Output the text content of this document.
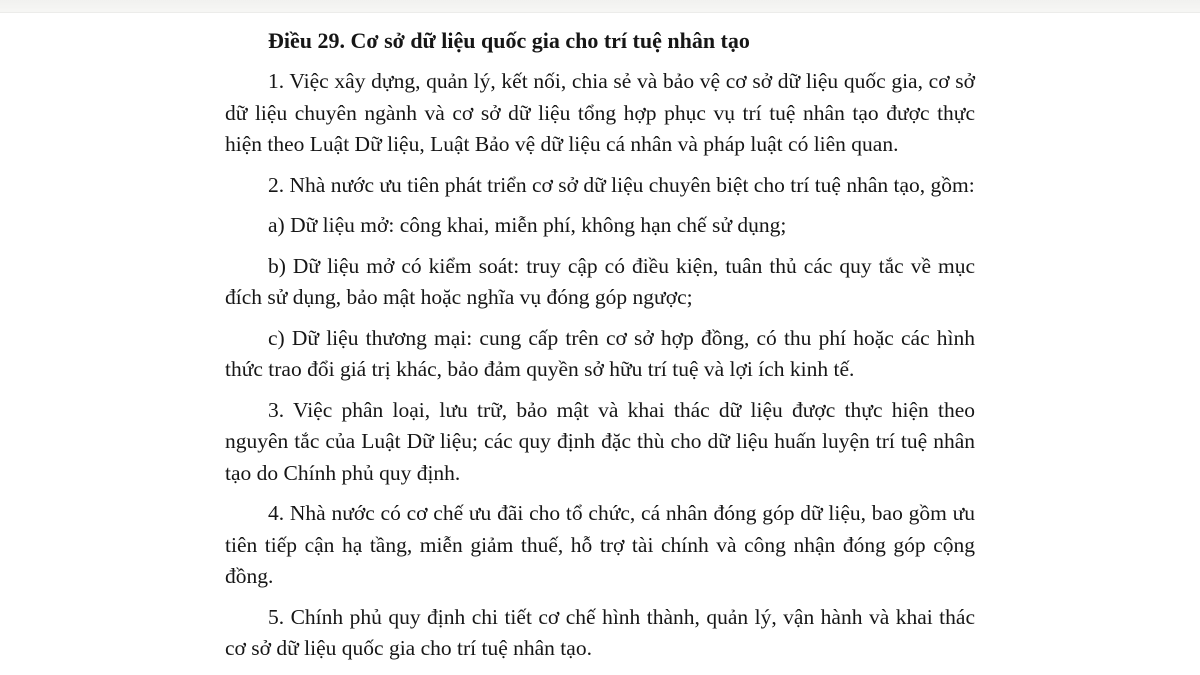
Điều 29. Cơ sở dữ liệu quốc gia cho trí tuệ nhân tạo

1. Việc xây dựng, quản lý, kết nối, chia sẻ và bảo vệ cơ sở dữ liệu quốc gia, cơ sở dữ liệu chuyên ngành và cơ sở dữ liệu tổng hợp phục vụ trí tuệ nhân tạo được thực hiện theo Luật Dữ liệu, Luật Bảo vệ dữ liệu cá nhân và pháp luật có liên quan.

2. Nhà nước ưu tiên phát triển cơ sở dữ liệu chuyên biệt cho trí tuệ nhân tạo, gồm:

a) Dữ liệu mở: công khai, miễn phí, không hạn chế sử dụng;

b) Dữ liệu mở có kiểm soát: truy cập có điều kiện, tuân thủ các quy tắc về mục đích sử dụng, bảo mật hoặc nghĩa vụ đóng góp ngược;

c) Dữ liệu thương mại: cung cấp trên cơ sở hợp đồng, có thu phí hoặc các hình thức trao đổi giá trị khác, bảo đảm quyền sở hữu trí tuệ và lợi ích kinh tế.

3. Việc phân loại, lưu trữ, bảo mật và khai thác dữ liệu được thực hiện theo nguyên tắc của Luật Dữ liệu; các quy định đặc thù cho dữ liệu huấn luyện trí tuệ nhân tạo do Chính phủ quy định.

4. Nhà nước có cơ chế ưu đãi cho tổ chức, cá nhân đóng góp dữ liệu, bao gồm ưu tiên tiếp cận hạ tầng, miễn giảm thuế, hỗ trợ tài chính và công nhận đóng góp cộng đồng.

5. Chính phủ quy định chi tiết cơ chế hình thành, quản lý, vận hành và khai thác cơ sở dữ liệu quốc gia cho trí tuệ nhân tạo.
